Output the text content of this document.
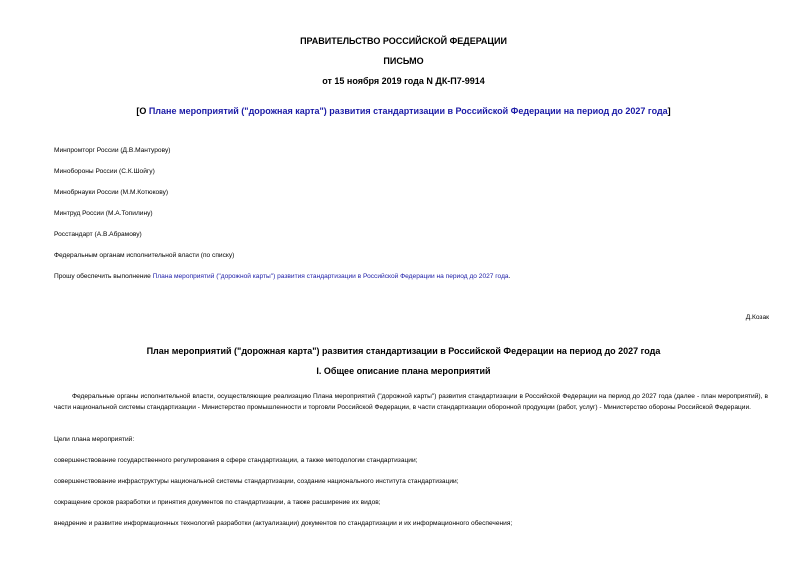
ПРАВИТЕЛЬСТВО РОССИЙСКОЙ ФЕДЕРАЦИИ
ПИСЬМО
от 15 ноября 2019 года N ДК-П7-9914
[О Плане мероприятий ("дорожная карта") развития стандартизации в Российской Федерации на период до 2027 года]
Минпромторг России (Д.В.Мантурову)
Минобороны России (С.К.Шойгу)
Минобрнауки России (М.М.Котюкову)
Минтруд России (М.А.Топилину)
Росстандарт (А.В.Абрамову)
Федеральным органам исполнительной власти (по списку)
Прошу обеспечить выполнение Плана мероприятий ("дорожной карты") развития стандартизации в Российской Федерации на период до 2027 года.
Д.Козак
План мероприятий ("дорожная карта") развития стандартизации в Российской Федерации на период до 2027 года
I. Общее описание плана мероприятий
Федеральные органы исполнительной власти, осуществляющие реализацию Плана мероприятий ("дорожной карты") развития стандартизации в Российской Федерации на период до 2027 года (далее - план мероприятий), в части национальной системы стандартизации - Министерство промышленности и торговли Российской Федерации, в части стандартизации оборонной продукции (работ, услуг) - Министерство обороны Российской Федерации.
Цели плана мероприятий:
совершенствование государственного регулирования в сфере стандартизации, а также методологии стандартизации;
совершенствование инфраструктуры национальной системы стандартизации, создание национального института стандартизации;
сокращение сроков разработки и принятия документов по стандартизации, а также расширение их видов;
внедрение и развитие информационных технологий разработки (актуализации) документов по стандартизации и их информационного обеспечения;
